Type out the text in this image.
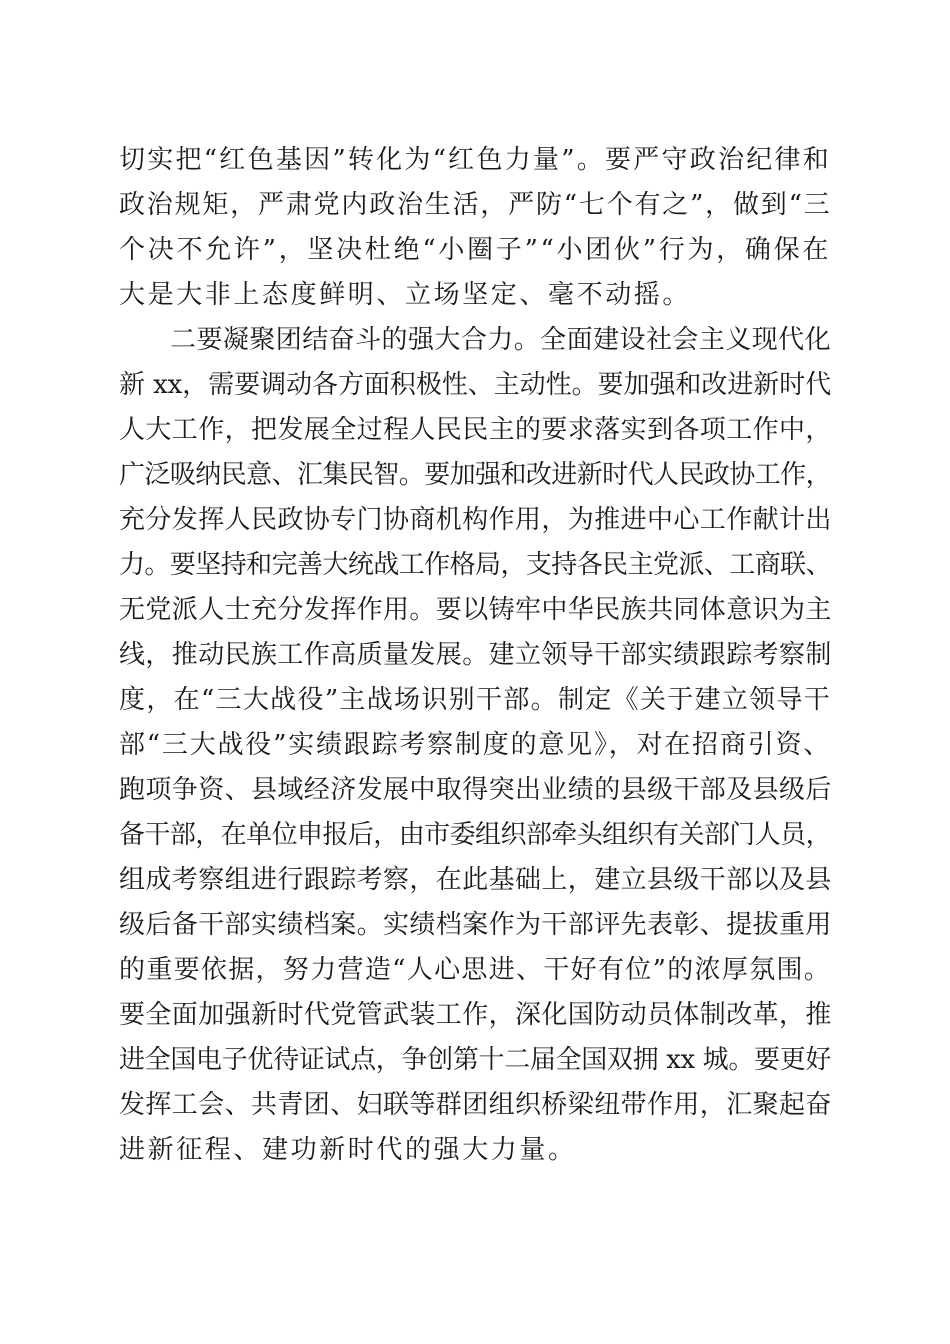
切实把“红色基因”转化为“红色力量”。要严守政治纪律和
政治规矩，严肃党内政治生活，严防“七个有之”，做到“三
个决不允许”，坚决杜绝“小圈子”“小团伙”行为，确保在
大是大非上态度鲜明、立场坚定、毫不动摇。
二要凝聚团结奋斗的强大合力。全面建设社会主义现代化
新 xx，需要调动各方面积极性、主动性。要加强和改进新时代
人大工作，把发展全过程人民民主的要求落实到各项工作中，
广泛吸纳民意、汇集民智。要加强和改进新时代人民政协工作，
充分发挥人民政协专门协商机构作用，为推进中心工作献计出
力。要坚持和完善大统战工作格局，支持各民主党派、工商联、
无党派人士充分发挥作用。要以铸牢中华民族共同体意识为主
线，推动民族工作高质量发展。建立领导干部实绩跟踪考察制
度，在“三大战役”主战场识别干部。制定《关于建立领导干
部“三大战役”实绩跟踪考察制度的意见》，对在招商引资、
跑项争资、县域经济发展中取得突出业绩的县级干部及县级后
备干部，在单位申报后，由市委组织部牵头组织有关部门人员，
组成考察组进行跟踪考察，在此基础上，建立县级干部以及县
级后备干部实绩档案。实绩档案作为干部评先表彰、提拔重用
的重要依据，努力营造“人心思进、干好有位”的浓厚氛围。
要全面加强新时代党管武装工作，深化国防动员体制改革，推
进全国电子优待证试点，争创第十二届全国双拥 xx 城。要更好
发挥工会、共青团、妇联等群团组织桥梁纽带作用，汇聚起奋
进新征程、建功新时代的强大力量。
